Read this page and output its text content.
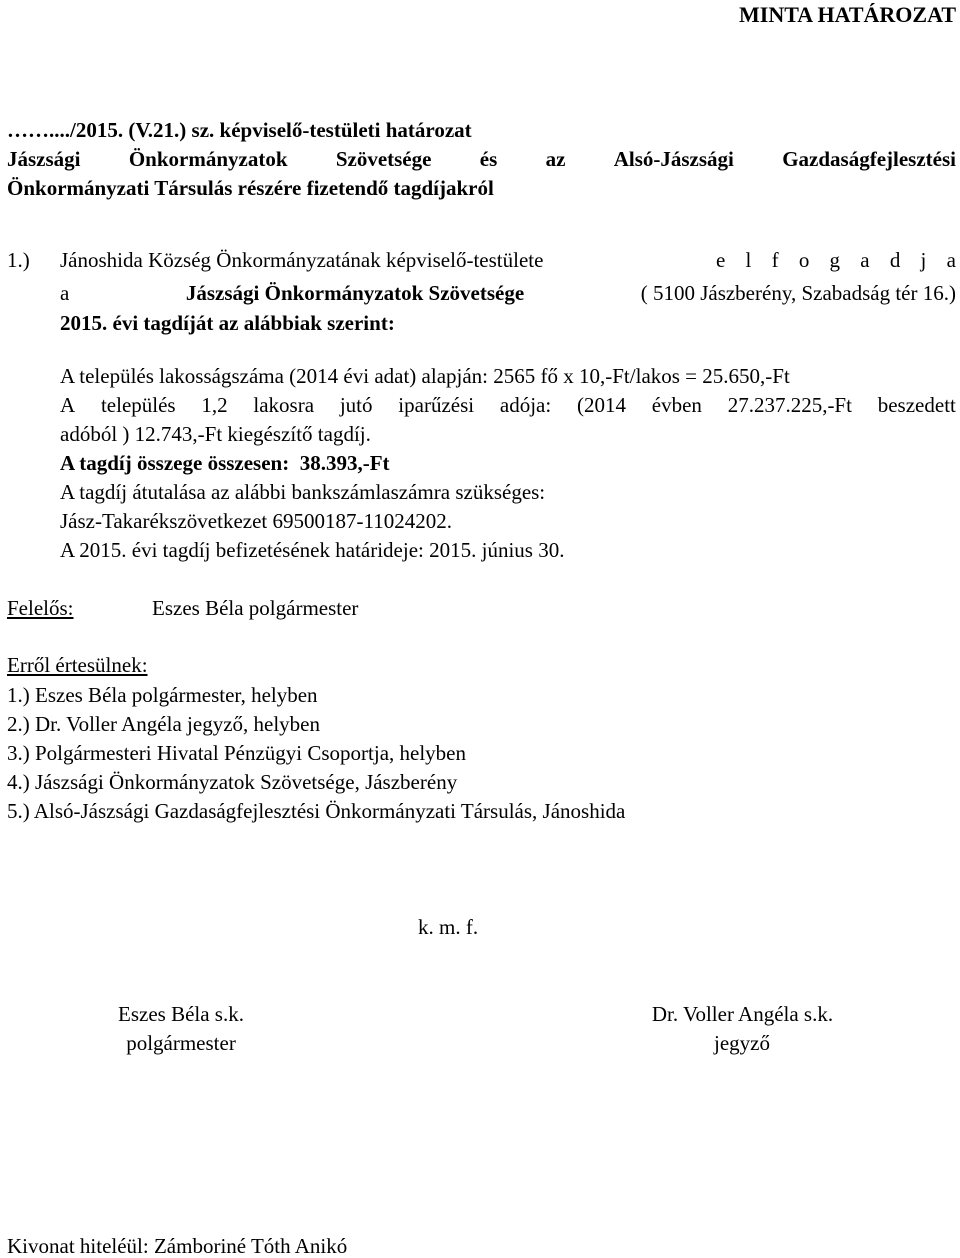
MINTA HATÁROZAT
……..../2015. (V.21.) sz. képviselő-testületi határozat
Jászsági Önkormányzatok Szövetsége és az Alsó-Jászsági Gazdaságfejlesztési
Önkormányzati Társulás részére fizetendő tagdíjakról
1.) Jánoshida Község Önkormányzatának képviselő-testülete	e l f o g a d j a
a	Jászsági Önkormányzatok Szövetsége	( 5100 Jászberény, Szabadság tér 16.)
2015. évi tagdíját az alábbiak szerint:
A település lakosságszáma (2014 évi adat) alapján: 2565 fő x 10,-Ft/lakos = 25.650,-Ft
A település 1,2 lakosra jutó iparűzési adója: (2014 évben 27.237.225,-Ft beszedett
adóból ) 12.743,-Ft kiegészítő tagdíj.
A tagdíj összege összesen:  38.393,-Ft
A tagdíj átutalása az alábbi bankszámlaszámra szükséges:
Jász-Takarékszövetkezet 69500187-11024202.
A 2015. évi tagdíj befizetésének határideje: 2015. június 30.
Felelős:	Eszes Béla polgármester
Erről értesülnek:
1.) Eszes Béla polgármester, helyben
2.) Dr. Voller Angéla jegyző, helyben
3.) Polgármesteri Hivatal Pénzügyi Csoportja, helyben
4.) Jászsági Önkormányzatok Szövetsége, Jászberény
5.) Alsó-Jászsági Gazdaságfejlesztési Önkormányzati Társulás, Jánoshida
k. m. f.
Eszes Béla s.k.
polgármester
Dr. Voller Angéla s.k.
jegyző
Kivonat hiteléül: Zámboriné Tóth Anikó
